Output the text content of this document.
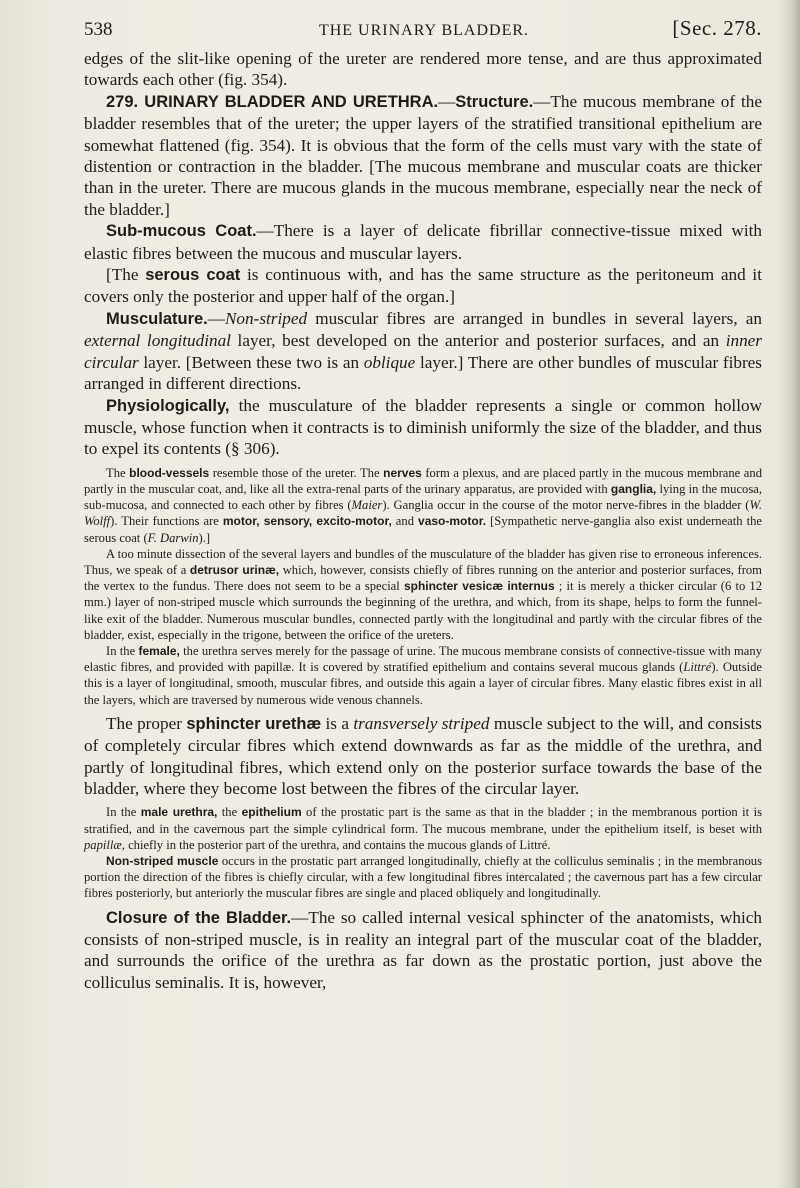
538	THE URINARY BLADDER.	[Sec. 278.

edges of the slit-like opening of the ureter are rendered more tense, and are thus approximated towards each other (fig. 354).

279. URINARY BLADDER AND URETHRA.—Structure.—The mucous membrane of the bladder resembles that of the ureter; the upper layers of the stratified transitional epithelium are somewhat flattened (fig. 354). It is obvious that the form of the cells must vary with the state of distention or contraction in the bladder. [The mucous membrane and muscular coats are thicker than in the ureter. There are mucous glands in the mucous membrane, especially near the neck of the bladder.]

Sub-mucous Coat.—There is a layer of delicate fibrillar connective-tissue mixed with elastic fibres between the mucous and muscular layers.

[The serous coat is continuous with, and has the same structure as the peritoneum and it covers only the posterior and upper half of the organ.]

Musculature.—Non-striped muscular fibres are arranged in bundles in several layers, an external longitudinal layer, best developed on the anterior and posterior surfaces, and an inner circular layer. [Between these two is an oblique layer.] There are other bundles of muscular fibres arranged in different directions.

Physiologically, the musculature of the bladder represents a single or common hollow muscle, whose function when it contracts is to diminish uniformly the size of the bladder, and thus to expel its contents (§ 306).

The blood-vessels resemble those of the ureter. The nerves form a plexus, and are placed partly in the mucous membrane and partly in the muscular coat, and, like all the extra-renal parts of the urinary apparatus, are provided with ganglia, lying in the mucosa, sub-mucosa, and connected to each other by fibres (Maier). Ganglia occur in the course of the motor nerve-fibres in the bladder (W. Wolff). Their functions are motor, sensory, excito-motor, and vaso-motor. [Sympathetic nerve-ganglia also exist underneath the serous coat (F. Darwin).]

A too minute dissection of the several layers and bundles of the musculature of the bladder has given rise to erroneous inferences. Thus, we speak of a detrusor urinæ, which, however, consists chiefly of fibres running on the anterior and posterior surfaces, from the vertex to the fundus. There does not seem to be a special sphincter vesicæ internus ; it is merely a thicker circular (6 to 12 mm.) layer of non-striped muscle which surrounds the beginning of the urethra, and which, from its shape, helps to form the funnel-like exit of the bladder. Numerous muscular bundles, connected partly with the longitudinal and partly with the circular fibres of the bladder, exist, especially in the trigone, between the orifice of the ureters.

In the female, the urethra serves merely for the passage of urine. The mucous membrane consists of connective-tissue with many elastic fibres, and provided with papillæ. It is covered by stratified epithelium and contains several mucous glands (Littré). Outside this is a layer of longitudinal, smooth, muscular fibres, and outside this again a layer of circular fibres. Many elastic fibres exist in all the layers, which are traversed by numerous wide venous channels.

The proper sphincter urethæ is a transversely striped muscle subject to the will, and consists of completely circular fibres which extend downwards as far as the middle of the urethra, and partly of longitudinal fibres, which extend only on the posterior surface towards the base of the bladder, where they become lost between the fibres of the circular layer.

In the male urethra, the epithelium of the prostatic part is the same as that in the bladder ; in the membranous portion it is stratified, and in the cavernous part the simple cylindrical form. The mucous membrane, under the epithelium itself, is beset with papillæ, chiefly in the posterior part of the urethra, and contains the mucous glands of Littré.

Non-striped muscle occurs in the prostatic part arranged longitudinally, chiefly at the colliculus seminalis ; in the membranous portion the direction of the fibres is chiefly circular, with a few longitudinal fibres intercalated ; the cavernous part has a few circular fibres posteriorly, but anteriorly the muscular fibres are single and placed obliquely and longitudinally.

Closure of the Bladder.—The so called internal vesical sphincter of the anatomists, which consists of non-striped muscle, is in reality an integral part of the muscular coat of the bladder, and surrounds the orifice of the urethra as far down as the prostatic portion, just above the colliculus seminalis. It is, however,
